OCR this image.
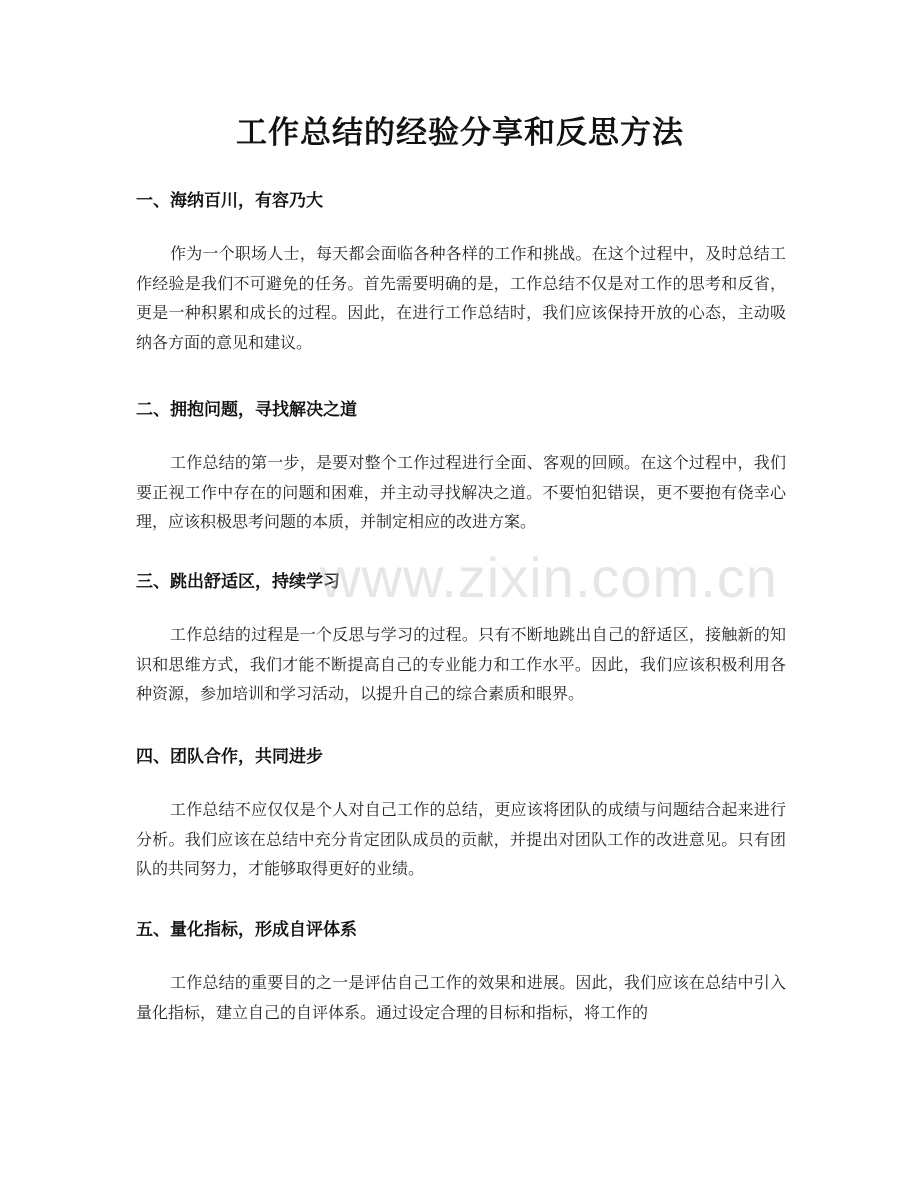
工作总结的经验分享和反思方法
一、海纳百川，有容乃大

作为一个职场人士，每天都会面临各种各样的工作和挑战。在这个过程中，及时总结工作经验是我们不可避免的任务。首先需要明确的是，工作总结不仅是对工作的思考和反省，更是一种积累和成长的过程。因此，在进行工作总结时，我们应该保持开放的心态，主动吸纳各方面的意见和建议。

二、拥抱问题，寻找解决之道

工作总结的第一步，是要对整个工作过程进行全面、客观的回顾。在这个过程中，我们要正视工作中存在的问题和困难，并主动寻找解决之道。不要怕犯错误，更不要抱有侥幸心理，应该积极思考问题的本质，并制定相应的改进方案。

三、跳出舒适区，持续学习

工作总结的过程是一个反思与学习的过程。只有不断地跳出自己的舒适区，接触新的知识和思维方式，我们才能不断提高自己的专业能力和工作水平。因此，我们应该积极利用各种资源，参加培训和学习活动，以提升自己的综合素质和眼界。

四、团队合作，共同进步

工作总结不应仅仅是个人对自己工作的总结，更应该将团队的成绩与问题结合起来进行分析。我们应该在总结中充分肯定团队成员的贡献，并提出对团队工作的改进意见。只有团队的共同努力，才能够取得更好的业绩。

五、量化指标，形成自评体系

工作总结的重要目的之一是评估自己工作的效果和进展。因此，我们应该在总结中引入量化指标，建立自己的自评体系。通过设定合理的目标和指标，将工作的

www.zixin.com.cn
